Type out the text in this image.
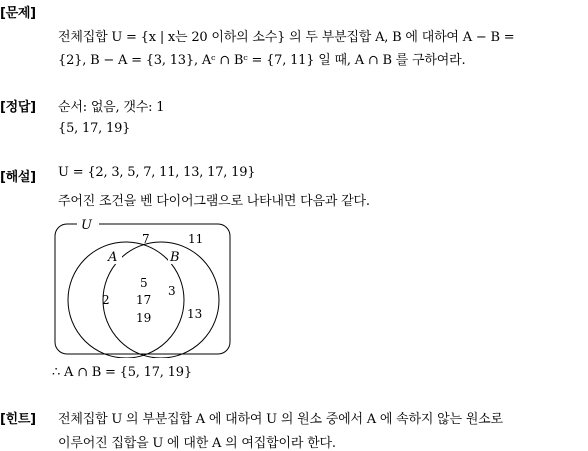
[문제]
전체집합 U = {x | x는 20 이하의 소수} 의 두 부분집합 A, B 에 대하여 A − B =
{2}, B − A = {3, 13}, Aᶜ ∩ Bᶜ = {7, 11} 일 때, A ∩ B 를 구하여라.
[정답] 순서: 없음, 갯수: 1
{5, 17, 19}
[해설] U = {2, 3, 5, 7, 11, 13, 17, 19}
주어진 조건을 벤 다이어그램으로 나타내면 다음과 같다.
U
A	B
7	11
2
5
17
19
3
13
∴ A ∩ B = {5, 17, 19}
[힌트] 전체집합 U 의 부분집합 A 에 대하여 U 의 원소 중에서 A 에 속하지 않는 원소로
이루어진 집합을 U 에 대한 A 의 여집합이라 한다.
